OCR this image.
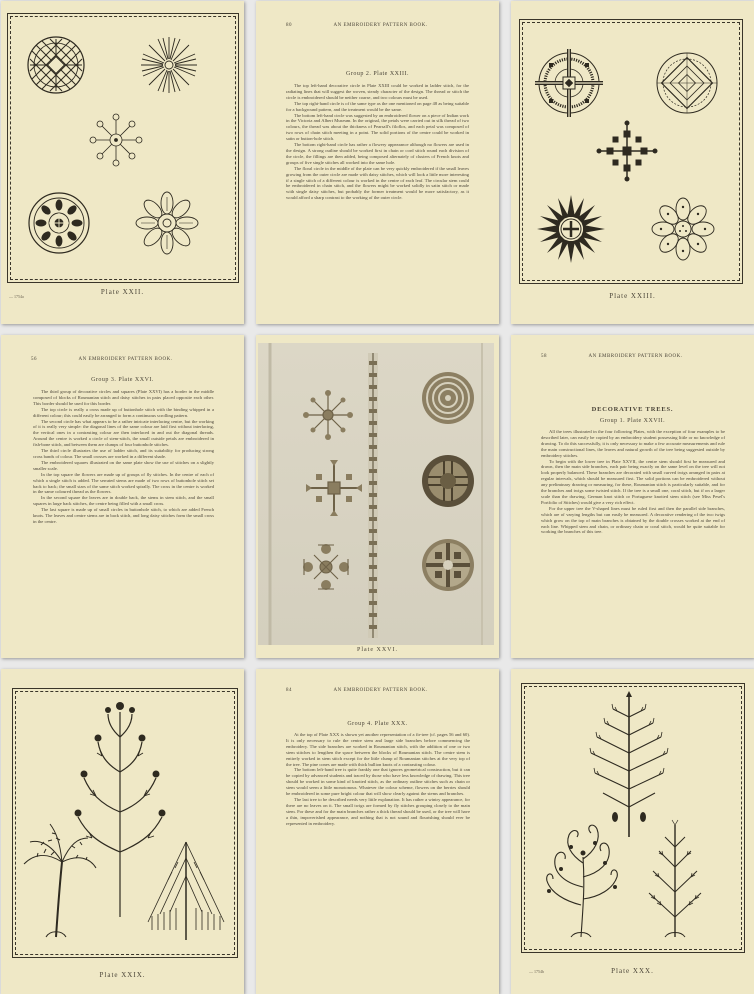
Plate XXII.
— 1754a
80	AN EMBROIDERY PATTERN BOOK.
Group 2. Plate XXIII.

The top left-hand decorative circle in Plate XXIII could be worked in ladder stitch, for the radiating lines that will suggest the woven, steady character of the design. The thread or stitch the circle is embroidered should be neither coarse, and two colours must be used.

The top right-hand circle is of the same type as the one mentioned on page 48 as being suitable for a background pattern, and the treatment would be the same.

The bottom left-hand circle was suggested by an embroidered flower on a piece of Indian work in the Victoria and Albert Museum. In the original, the petals were carried out in silk thread of two colours, the thread was about the thickness of Pearsall's filoflos, and each petal was composed of two rows of chain stitch meeting in a point. The solid portions of the centre could be worked in satin or button-hole stitch.

The bottom right-hand circle has rather a flowery appearance although no flowers are used in the design. A strong outline should be worked first in chain or cord stitch round each division of the circle, the fillings are then added, being composed alternately of clusters of French knots and groups of five single stitches all worked into the same hole.

The floral circle in the middle of the plate can be very quickly embroidered if the small leaves growing from the outer circle are made with daisy stitches, which will look a little more interesting if a single stitch of a different colour is worked in the centre of each leaf. The circular stem could be embroidered in chain stitch, and the flowers might be worked solidly in satin stitch or made with single daisy stitches, but probably the former treatment would be more satisfactory, as it would afford a sharp contrast to the working of the outer circle.

Plate XXIII.
56	AN EMBROIDERY PATTERN BOOK.
Group 3. Plate XXVI.

The third group of decorative circles and squares (Plate XXVI) has a border in the middle composed of blocks of Roumanian stitch and daisy stitches in pairs placed opposite each other. This border should be used for this border.

The top circle is really a cross made up of buttonhole stitch with the binding whipped in a different colour; this could easily be arranged to form a continuous scrolling pattern.

The second circle has what appears to be a rather intricate interlacing centre, but the working of it is really very simple: the diagonal lines of the same colour are laid first without interlacing, the vertical ones in a contrasting colour are then interlaced in and out the diagonal threads. Around the centre is worked a circle of stem-stitch, the small outside petals are embroidered in fish-bone stitch, and between them are clumps of four buttonhole stitches.

The third circle illustrates the use of ladder stitch, and its suitability for producing strong cross bands of colour. The small crosses are worked in a different shade.

The embroidered squares illustrated on the same plate show the use of stitches on a slightly smaller scale.

In the top square the flowers are made up of groups of fly stitches. In the centre of each of which a single stitch is added. The serrated stems are made of two rows of buttonhole stitch set back to back; the small stars of the same stitch worked spirally. The cross in the centre is worked in the same coloured thread as the flowers.

In the second square the leaves are in double back, the stems in stem stitch, and the small squares in large back stitches, the centre being filled with a small cross.

The last square is made up of small circles in buttonhole stitch, to which are added French knots. The leaves and centre stems are in back stitch, and long daisy stitches form the small cross in the centre.

Plate XXVI.
58	AN EMBROIDERY PATTERN BOOK.
DECORATIVE TREES.
Group 1. Plate XXVII.

All the trees illustrated in the four following Plates, with the exception of four examples to be described later, can easily be copied by an embroidery student possessing little or no knowledge of drawing. To do this successfully, it is only necessary to make a few accurate measurements and rule the main constructional lines, the leaves and natural growth of the tree being suggested outside by embroidery stitches.

To begin with the lower tree in Plate XXVII, the centre stem should first be measured and drawn, then the main side branches, each pair being exactly on the same level on the tree will not look properly balanced. These branches are decorated with small curved twigs arranged in pairs at regular intervals, which should be measured first. The solid portions can be embroidered without any preliminary drawing or measuring, for these, Roumanian stitch is particularly suitable, and for the branches and twigs some twisted stitch. If the tree is a small one, coral stitch, but if on a larger scale than the drawing, German knot stitch or Portuguese knotted stem stitch (see Miss Pesel's Portfolio of Stitches) would give a very rich effect.

For the upper tree the V-shaped lines must be ruled first and then the parallel side branches, which are of varying lengths but can easily be measured. A decorative rendering of the two twigs which grow on the top of main branches is obtained by the double crosses worked at the end of each line. Whipped stem and chain, or ordinary chain or coral stitch, would be quite suitable for working the branches of this tree.

Plate XXIX.
84	AN EMBROIDERY PATTERN BOOK.
Group 4. Plate XXX.

At the top of Plate XXX is shown yet another representation of a fir-tree (cf. pages 56 and 60). It is only necessary to rule the centre stem and large side branches before commencing the embroidery. The side branches are worked in Roumanian stitch, with the addition of one or two stem stitches to lengthen the space between the blocks of Roumanian stitch. The centre stem is entirely worked in stem stitch except for the little clump of Roumanian stitches at the very top of the tree. The pine cones are made with thick bullion knots of a contrasting colour.

The bottom left-hand tree is quite frankly one that ignores geometrical construction, but it can be copied by advanced students and traced by those who have less knowledge of drawing. This tree should be worked in some kind of knotted stitch, as the ordinary outline stitches such as chain or stem would seem a little monotonous. Whatever the colour scheme, flowers on the berries should be embroidered in some pure bright colour that will show clearly against the stems and branches.

The last tree to be described needs very little explanation. It has rather a wintry appearance, for there are no leaves on it. The small twigs are formed by fly stitches grouping closely to the main stem. For these and for the main branches rather a thick thread should be used, or the tree will have a thin, impoverished appearance, and nothing that is not sound and flourishing should ever be represented in embroidery.

Plate XXX.
— 1754b
